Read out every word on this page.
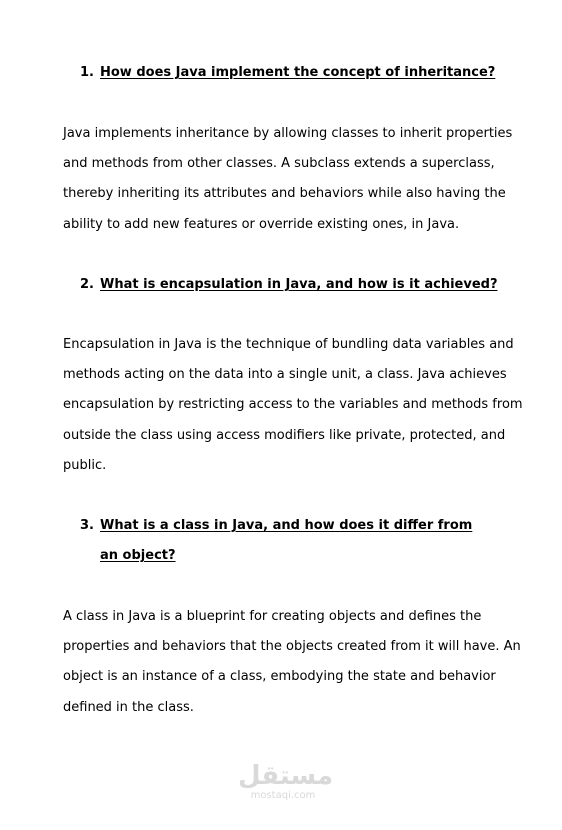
1. How does Java implement the concept of inheritance?

Java implements inheritance by allowing classes to inherit properties and methods from other classes. A subclass extends a superclass, thereby inheriting its attributes and behaviors while also having the ability to add new features or override existing ones, in Java.

2. What is encapsulation in Java, and how is it achieved?

Encapsulation in Java is the technique of bundling data variables and methods acting on the data into a single unit, a class. Java achieves encapsulation by restricting access to the variables and methods from outside the class using access modifiers like private, protected, and public.

3. What is a class in Java, and how does it differ from an object?

A class in Java is a blueprint for creating objects and defines the properties and behaviors that the objects created from it will have. An object is an instance of a class, embodying the state and behavior defined in the class.

مستقل
mostaqi.com
